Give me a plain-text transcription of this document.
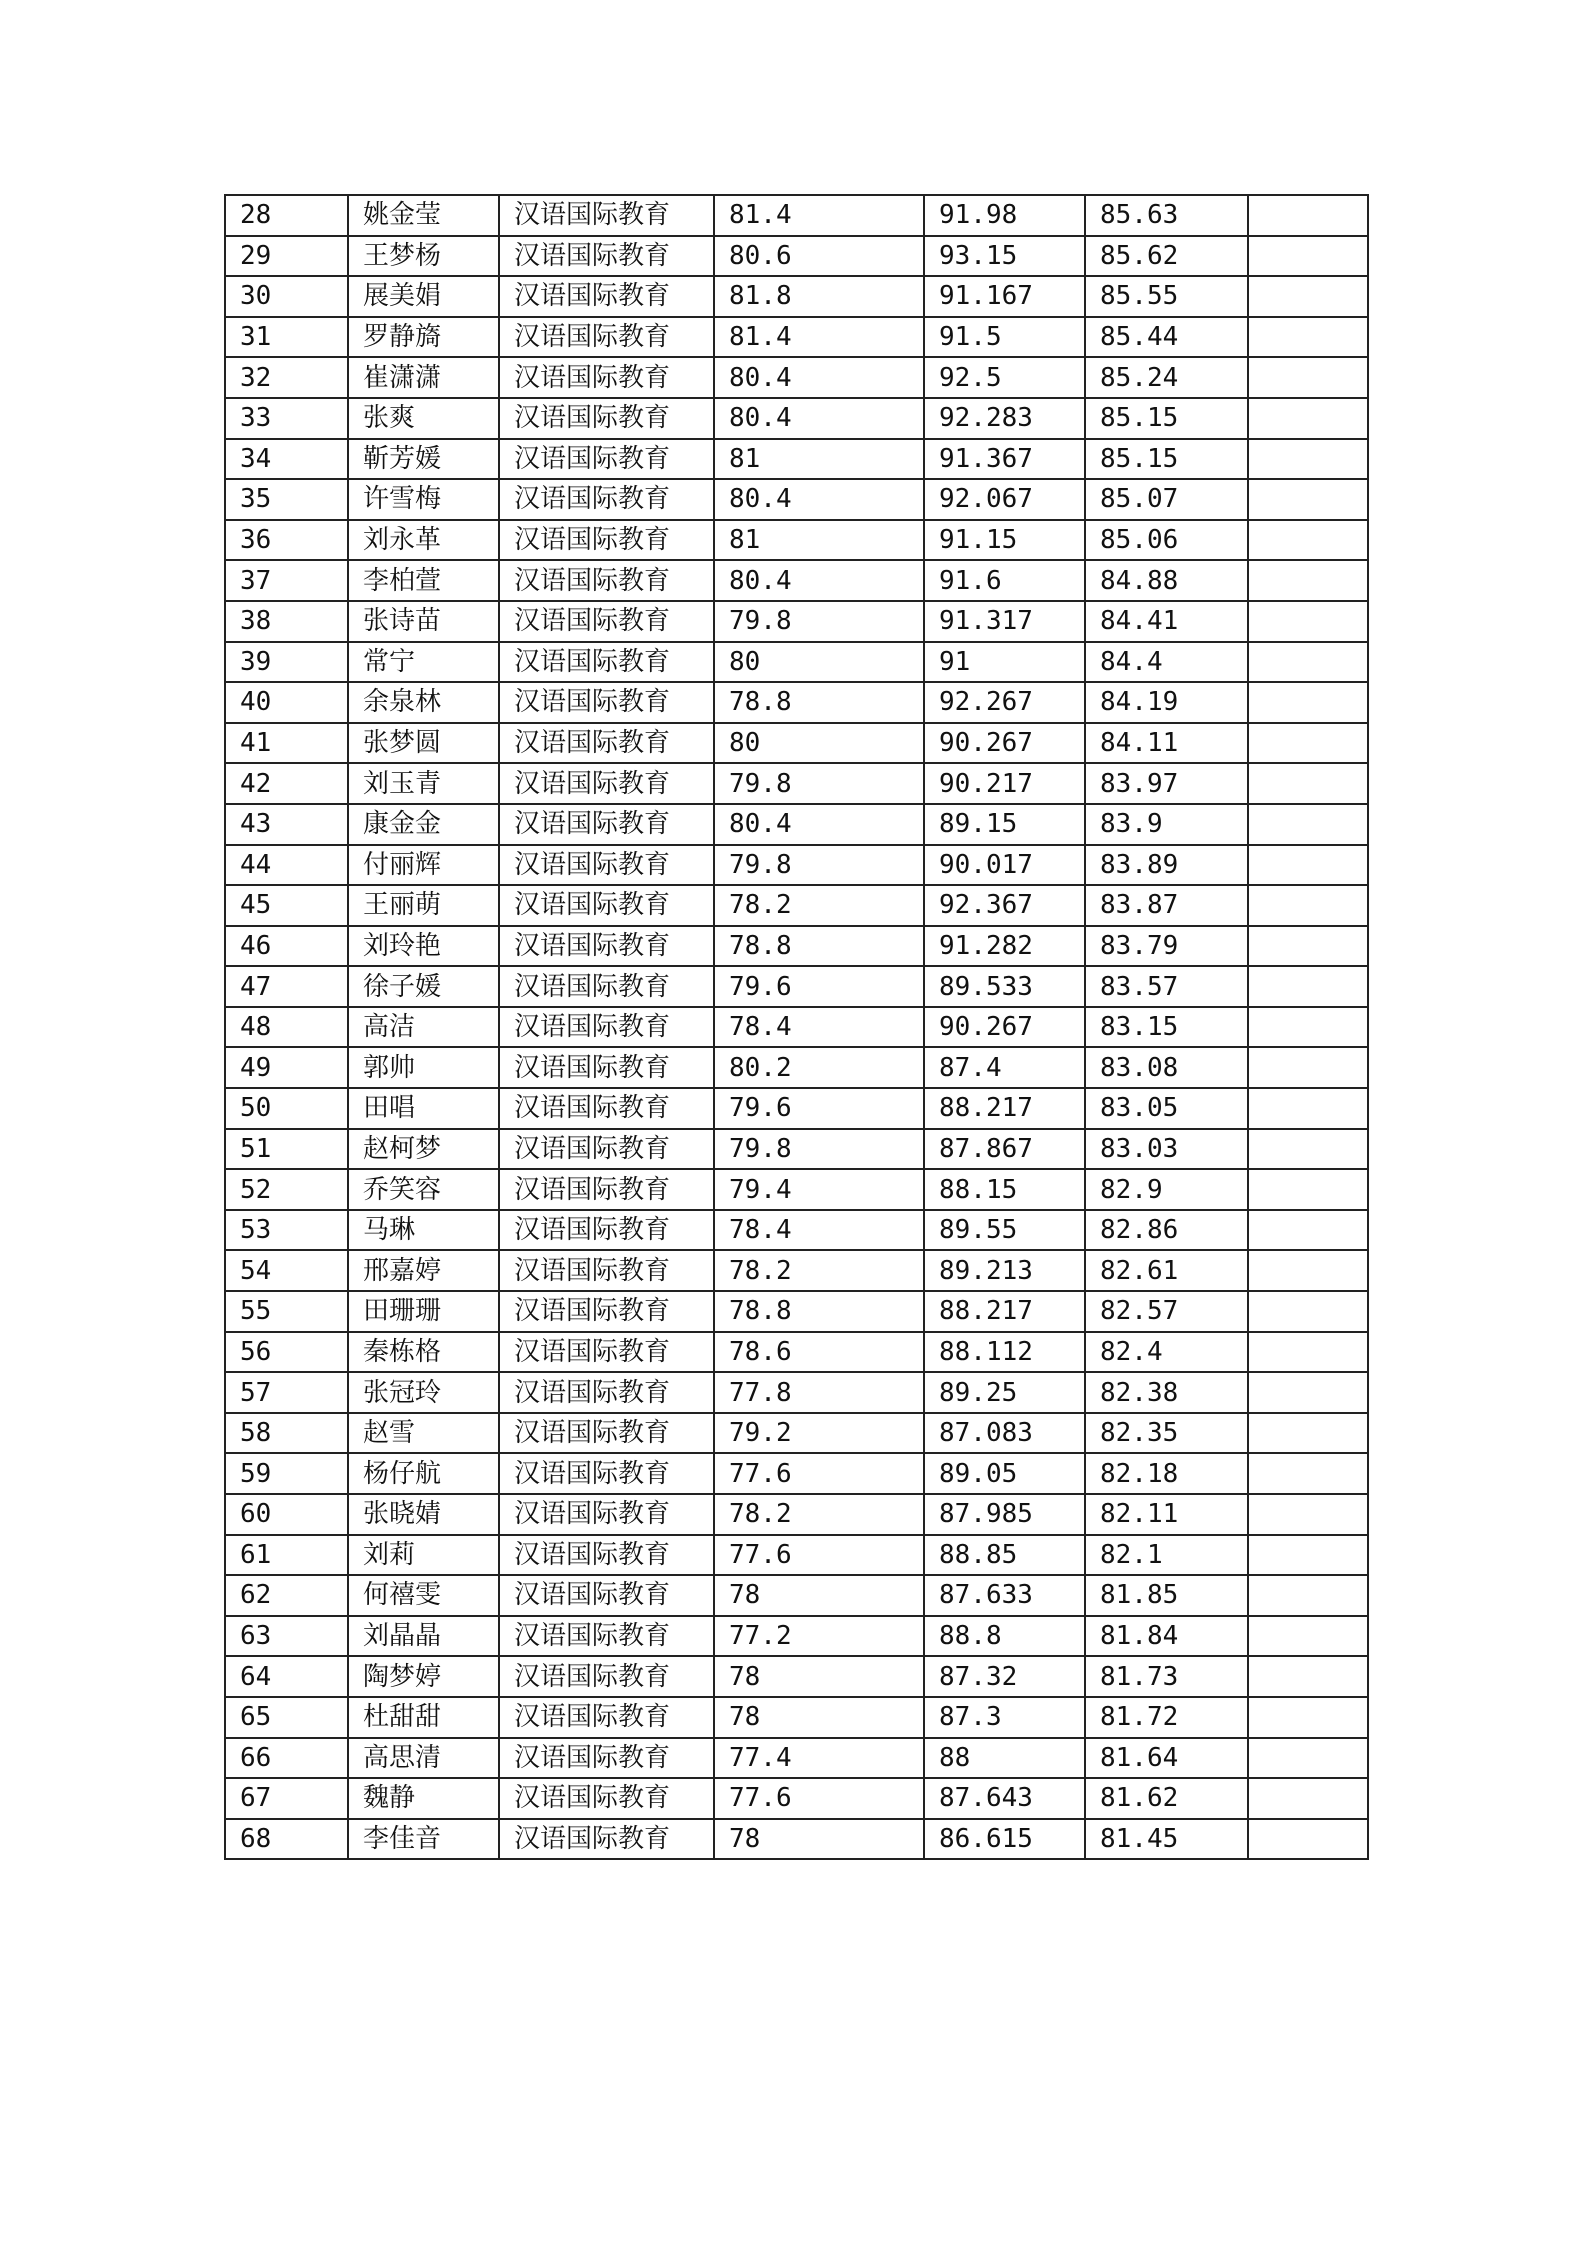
28	姚金莹	汉语国际教育	81.4	91.98	85.63	
29	王梦杨	汉语国际教育	80.6	93.15	85.62	
30	展美娟	汉语国际教育	81.8	91.167	85.55	
31	罗静旖	汉语国际教育	81.4	91.5	85.44	
32	崔潇潇	汉语国际教育	80.4	92.5	85.24	
33	张爽	汉语国际教育	80.4	92.283	85.15	
34	靳芳媛	汉语国际教育	81	91.367	85.15	
35	许雪梅	汉语国际教育	80.4	92.067	85.07	
36	刘永革	汉语国际教育	81	91.15	85.06	
37	李柏萱	汉语国际教育	80.4	91.6	84.88	
38	张诗苗	汉语国际教育	79.8	91.317	84.41	
39	常宁	汉语国际教育	80	91	84.4	
40	余泉林	汉语国际教育	78.8	92.267	84.19	
41	张梦圆	汉语国际教育	80	90.267	84.11	
42	刘玉青	汉语国际教育	79.8	90.217	83.97	
43	康金金	汉语国际教育	80.4	89.15	83.9	
44	付丽辉	汉语国际教育	79.8	90.017	83.89	
45	王丽萌	汉语国际教育	78.2	92.367	83.87	
46	刘玲艳	汉语国际教育	78.8	91.282	83.79	
47	徐子媛	汉语国际教育	79.6	89.533	83.57	
48	高洁	汉语国际教育	78.4	90.267	83.15	
49	郭帅	汉语国际教育	80.2	87.4	83.08	
50	田唱	汉语国际教育	79.6	88.217	83.05	
51	赵柯梦	汉语国际教育	79.8	87.867	83.03	
52	乔笑容	汉语国际教育	79.4	88.15	82.9	
53	马琳	汉语国际教育	78.4	89.55	82.86	
54	邢嘉婷	汉语国际教育	78.2	89.213	82.61	
55	田珊珊	汉语国际教育	78.8	88.217	82.57	
56	秦栋格	汉语国际教育	78.6	88.112	82.4	
57	张冠玲	汉语国际教育	77.8	89.25	82.38	
58	赵雪	汉语国际教育	79.2	87.083	82.35	
59	杨仔航	汉语国际教育	77.6	89.05	82.18	
60	张晓婧	汉语国际教育	78.2	87.985	82.11	
61	刘莉	汉语国际教育	77.6	88.85	82.1	
62	何禧雯	汉语国际教育	78	87.633	81.85	
63	刘晶晶	汉语国际教育	77.2	88.8	81.84	
64	陶梦婷	汉语国际教育	78	87.32	81.73	
65	杜甜甜	汉语国际教育	78	87.3	81.72	
66	高思清	汉语国际教育	77.4	88	81.64	
67	魏静	汉语国际教育	77.6	87.643	81.62	
68	李佳音	汉语国际教育	78	86.615	81.45	
